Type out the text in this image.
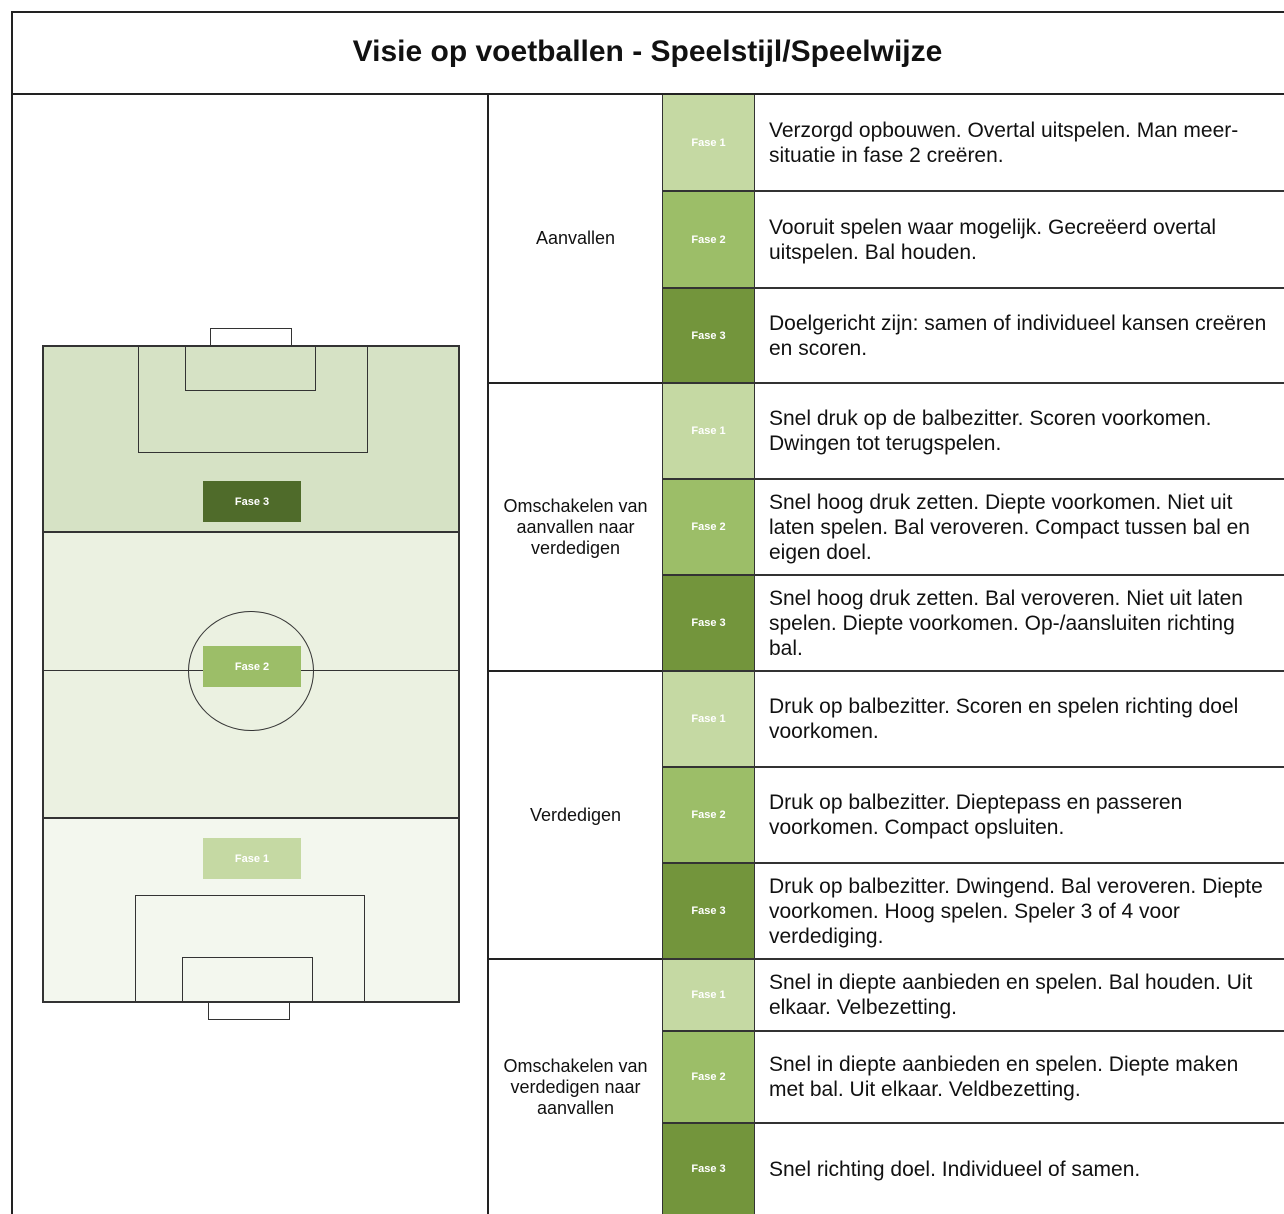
Visie op voetballen - Speelstijl/Speelwijze
Fase 3
Fase 2
Fase 1
Aanvallen
Fase 1
Verzorgd opbouwen. Overtal uitspelen. Man meer-situatie in fase 2 creëren.
Fase 2
Vooruit spelen waar mogelijk. Gecreëerd overtal uitspelen. Bal houden.
Fase 3
Doelgericht zijn: samen of individueel kansen creëren en scoren.
Omschakelen van aanvallen naar verdedigen
Fase 1
Snel druk op de balbezitter. Scoren voorkomen. Dwingen tot terugspelen.
Fase 2
Snel hoog druk zetten. Diepte voorkomen. Niet uit laten spelen. Bal veroveren. Compact tussen bal en eigen doel.
Fase 3
Snel hoog druk zetten. Bal veroveren. Niet uit laten spelen. Diepte voorkomen. Op-/aansluiten richting bal.
Verdedigen
Fase 1
Druk op balbezitter. Scoren en spelen richting doel voorkomen.
Fase 2
Druk op balbezitter. Dieptepass en passeren voorkomen. Compact opsluiten.
Fase 3
Druk op balbezitter. Dwingend. Bal veroveren. Diepte voorkomen. Hoog spelen. Speler 3 of 4 voor verdediging.
Omschakelen van verdedigen naar aanvallen
Fase 1
Snel in diepte aanbieden en spelen. Bal houden. Uit elkaar. Velbezetting.
Fase 2
Snel in diepte aanbieden en spelen. Diepte maken met bal. Uit elkaar. Veldbezetting.
Fase 3	Snel richting doel. Individueel of samen.
